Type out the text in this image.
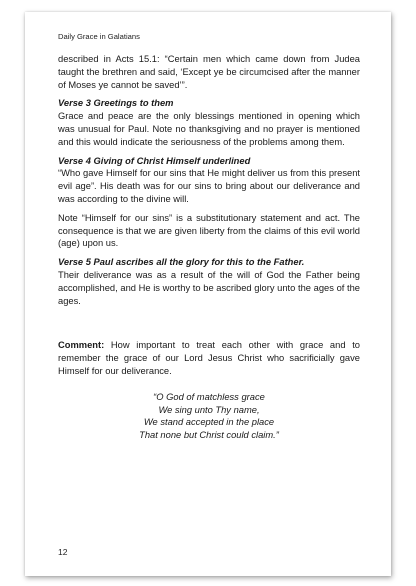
Daily Grace in Galatians

described in Acts 15.1: “Certain men which came down from Judea taught the brethren and said, ‘Except ye be circumcised after the manner of Moses ye cannot be saved’”.

Verse 3 Greetings to them

Grace and peace are the only blessings mentioned in opening which was unusual for Paul. Note no thanksgiving and no prayer is mentioned and this would indicate the seriousness of the problems among them.

Verse 4 Giving of Christ Himself underlined

“Who gave Himself for our sins that He might deliver us from this present evil age”. His death was for our sins to bring about our deliverance and was according to the divine will.

Note “Himself for our sins” is a substitutionary statement and act. The consequence is that we are given liberty from the claims of this evil world (age) upon us.

Verse 5 Paul ascribes all the glory for this to the Father.

Their deliverance was as a result of the will of God the Father being accomplished, and He is worthy to be ascribed glory unto the ages of the ages.

Comment: How important to treat each other with grace and to remember the grace of our Lord Jesus Christ who sacrificially gave Himself for our deliverance.

“O God of matchless grace
We sing unto Thy name,
We stand accepted in the place
That none but Christ could claim.”
12
